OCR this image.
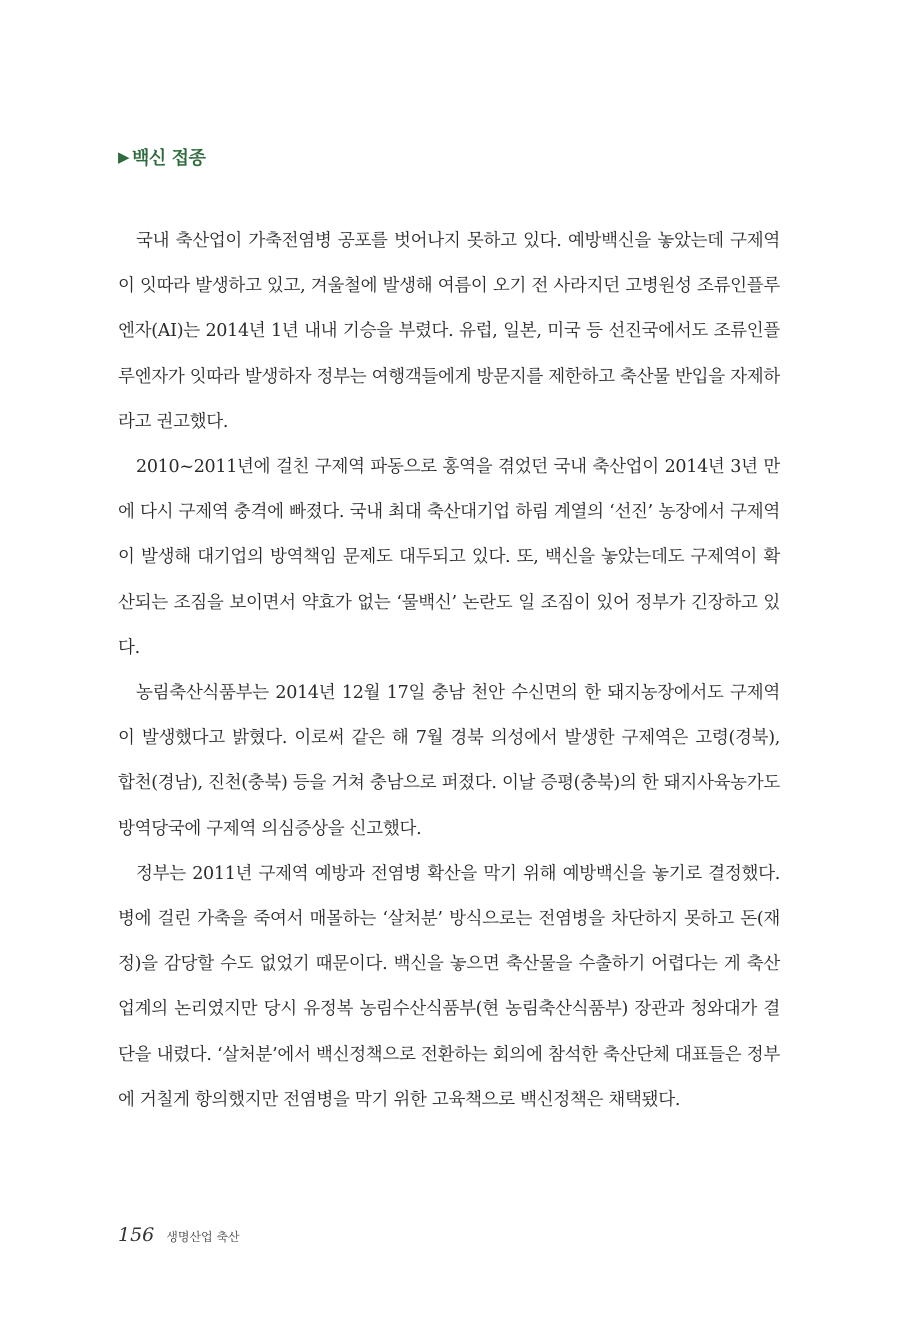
▶ 백신 접종

국내 축산업이 가축전염병 공포를 벗어나지 못하고 있다. 예방백신을 놓았는데 구제역이 잇따라 발생하고 있고, 겨울철에 발생해 여름이 오기 전 사라지던 고병원성 조류인플루엔자(AI)는 2014년 1년 내내 기승을 부렸다. 유럽, 일본, 미국 등 선진국에서도 조류인플루엔자가 잇따라 발생하자 정부는 여행객들에게 방문지를 제한하고 축산물 반입을 자제하라고 권고했다.

2010~2011년에 걸친 구제역 파동으로 홍역을 겪었던 국내 축산업이 2014년 3년 만에 다시 구제역 충격에 빠졌다. 국내 최대 축산대기업 하림 계열의 ‘선진’ 농장에서 구제역이 발생해 대기업의 방역책임 문제도 대두되고 있다. 또, 백신을 놓았는데도 구제역이 확산되는 조짐을 보이면서 약효가 없는 ‘물백신’ 논란도 일 조짐이 있어 정부가 긴장하고 있다.

농림축산식품부는 2014년 12월 17일 충남 천안 수신면의 한 돼지농장에서도 구제역이 발생했다고 밝혔다. 이로써 같은 해 7월 경북 의성에서 발생한 구제역은 고령(경북), 합천(경남), 진천(충북) 등을 거쳐 충남으로 퍼졌다. 이날 증평(충북)의 한 돼지사육농가도 방역당국에 구제역 의심증상을 신고했다.

정부는 2011년 구제역 예방과 전염병 확산을 막기 위해 예방백신을 놓기로 결정했다. 병에 걸린 가축을 죽여서 매몰하는 ‘살처분’ 방식으로는 전염병을 차단하지 못하고 돈(재정)을 감당할 수도 없었기 때문이다. 백신을 놓으면 축산물을 수출하기 어렵다는 게 축산업계의 논리였지만 당시 유정복 농림수산식품부(현 농림축산식품부) 장관과 청와대가 결단을 내렸다. ‘살처분’에서 백신정책으로 전환하는 회의에 참석한 축산단체 대표들은 정부에 거칠게 항의했지만 전염병을 막기 위한 고육책으로 백신정책은 채택됐다.

156 생명산업 축산
